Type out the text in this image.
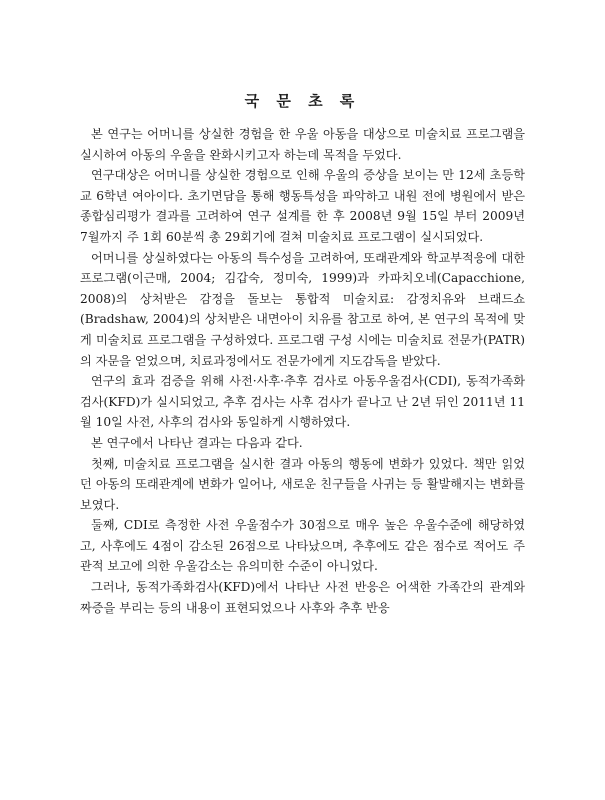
국 문 초 록

본 연구는 어머니를 상실한 경험을 한 우울 아동을 대상으로 미술치료 프로그램을 실시하여 아동의 우울을 완화시키고자 하는데 목적을 두었다.

연구대상은 어머니를 상실한 경험으로 인해 우울의 증상을 보이는 만 12세 초등학교 6학년 여아이다. 초기면담을 통해 행동특성을 파악하고 내원 전에 병원에서 받은 종합심리평가 결과를 고려하여 연구 설계를 한 후 2008년 9월 15일 부터 2009년 7월까지 주 1회 60분씩 총 29회기에 걸쳐 미술치료 프로그램이 실시되었다.

어머니를 상실하였다는 아동의 특수성을 고려하여, 또래관계와 학교부적응에 대한 프로그램(이근매, 2004; 김갑숙, 정미숙, 1999)과 카파치오네(Capacchione, 2008)의 상처받은 감정을 돌보는 통합적 미술치료: 감정치유와 브래드쇼(Bradshaw, 2004)의 상처받은 내면아이 치유를 참고로 하여, 본 연구의 목적에 맞게 미술치료 프로그램을 구성하였다. 프로그램 구성 시에는 미술치료 전문가(PATR)의 자문을 얻었으며, 치료과정에서도 전문가에게 지도감독을 받았다.

연구의 효과 검증을 위해 사전·사후·추후 검사로 아동우울검사(CDI), 동적가족화검사(KFD)가 실시되었고, 추후 검사는 사후 검사가 끝나고 난 2년 뒤인 2011년 11월 10일 사전, 사후의 검사와 동일하게 시행하였다.

본 연구에서 나타난 결과는 다음과 같다.

첫째, 미술치료 프로그램을 실시한 결과 아동의 행동에 변화가 있었다. 책만 읽었던 아동의 또래관계에 변화가 일어나, 새로운 친구들을 사귀는 등 활발해지는 변화를 보였다.

둘째, CDI로 측정한 사전 우울점수가 30점으로 매우 높은 우울수준에 해당하였고, 사후에도 4점이 감소된 26점으로 나타났으며, 추후에도 같은 점수로 적어도 주관적 보고에 의한 우울감소는 유의미한 수준이 아니었다.

그러나, 동적가족화검사(KFD)에서 나타난 사전 반응은 어색한 가족간의 관계와 짜증을 부리는 등의 내용이 표현되었으나 사후와 추후 반응
